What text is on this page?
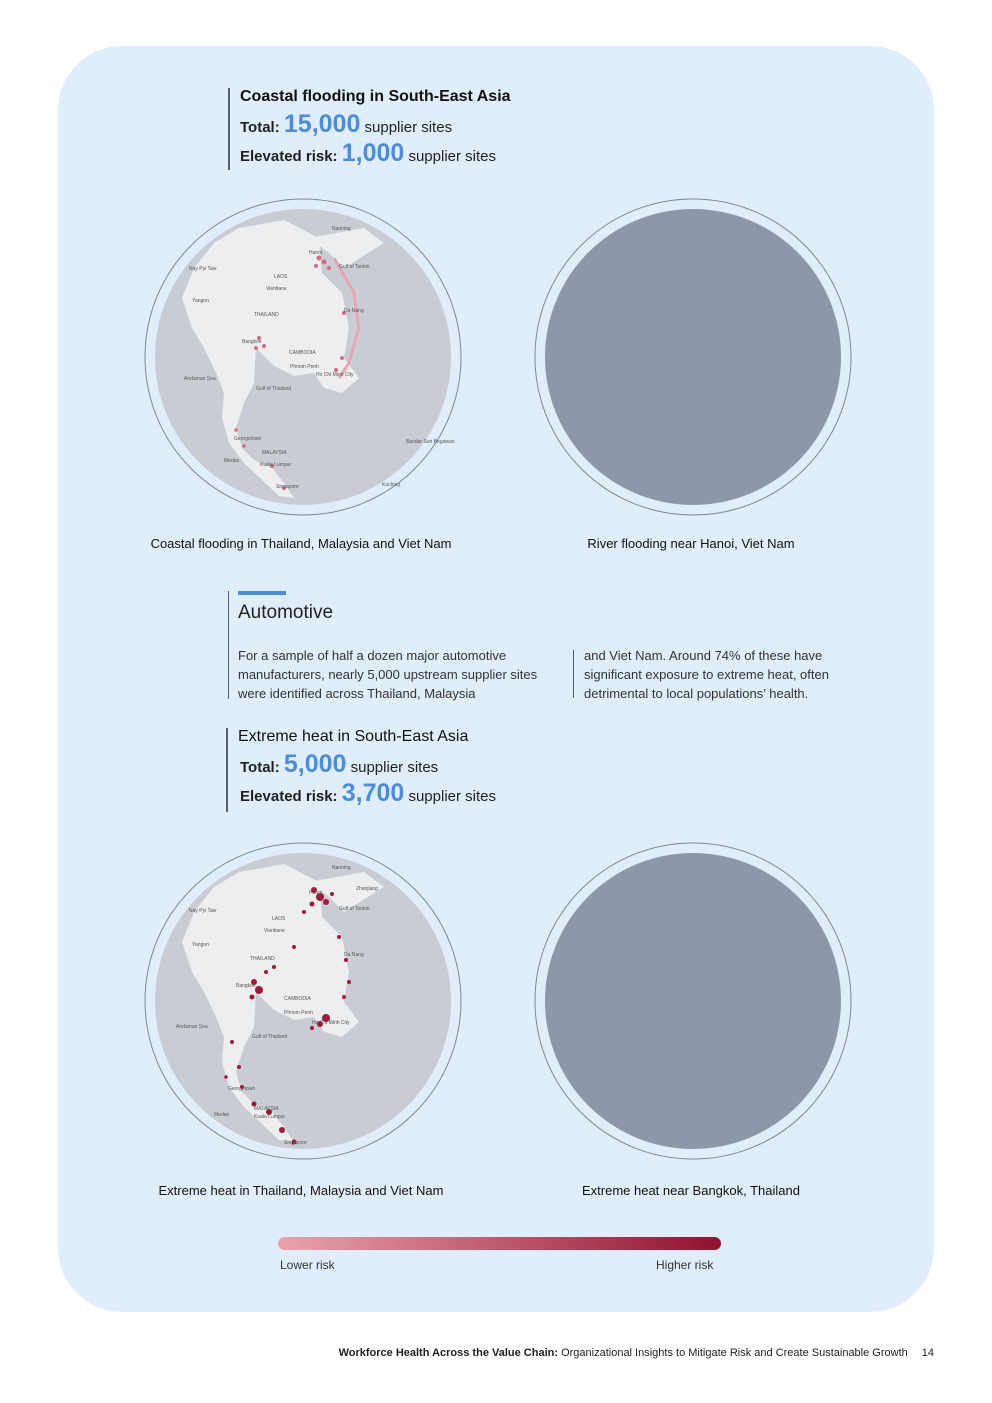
Coastal flooding in South-East Asia
Total: 15,000 supplier sites
Elevated risk: 1,000 supplier sites
Nanning
Hanoi
Gulf of Tonkin
Nay Pyi Taw
Yangon
LAOS
Vientiane
THAILAND
Da Nang
Bangkok
CAMBODIA
Phnom Penh
Ho Chi Minh City
Andaman Sea
Gulf of Thailand
Georgetown
Medan
Kuala Lumpur
MALAYSIA
Singapore
Bandar Seri Begawan
Kuching
Coastal flooding in Thailand, Malaysia and Viet Nam	River flooding near Hanoi, Viet Nam
Automotive
For a sample of half a dozen major automotive manufacturers, nearly 5,000 upstream supplier sites were identified across Thailand, Malaysia
and Viet Nam. Around 74% of these have significant exposure to extreme heat, often detrimental to local populations’ health.
Extreme heat in South-East Asia
Total: 5,000 supplier sites
Elevated risk: 3,700 supplier sites
Nanning
Zhanjiang
Hanoi
Gulf of Tonkin
Nay Pyi Taw
Yangon
LAOS
Vientiane
THAILAND
Da Nang
Bangkok
CAMBODIA
Phnom Penh
Ho Chi Minh City
Andaman Sea
Gulf of Thailand
Georgetown
Medan
MALAYSIA
Kuala Lumpur
Singapore
Extreme heat in Thailand, Malaysia and Viet Nam	Extreme heat near Bangkok, Thailand
Lower risk	Higher risk
Workforce Health Across the Value Chain: Organizational Insights to Mitigate Risk and Create Sustainable Growth 14
